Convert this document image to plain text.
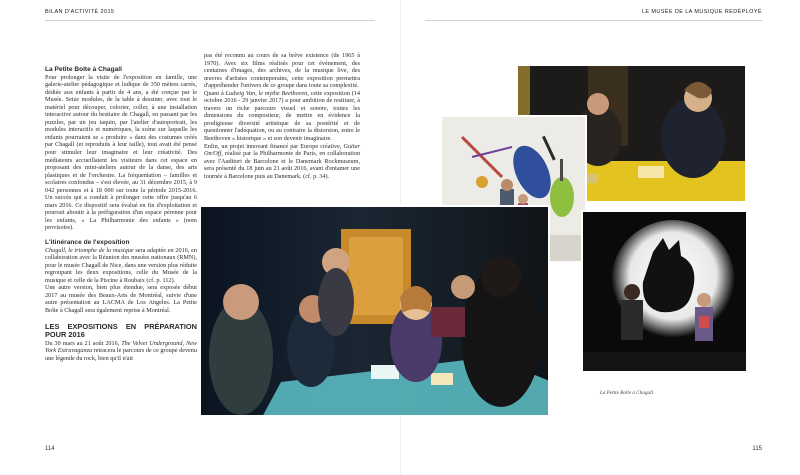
BILAN D'ACTIVITÉ 2015	LE MUSÉE DE LA MUSIQUE REDÉPLOYÉ

La Petite Boîte à Chagall

Pour prolonger la visite de l'exposition en famille, une galerie-atelier pédagogique et ludique de 350 mètres carrés, dédiée aux enfants à partir de 4 ans, a été conçue par le Musée. Seize modules, de la table à dessiner, avec tout le matériel pour découper, colorier, coller, à une installation interactive autour du bestiaire de Chagall, en passant par les puzzles, par un jeu taquin, par l'atelier d'autoportrait, les modules interactifs et numériques, la scène sur laquelle les enfants pourraient se « produire » dans des costumes créés par Chagall (et reproduits à leur taille), tout avait été pensé pour stimuler leur imaginaire et leur créativité. Des médiateurs accueillaient les visiteurs dans cet espace en proposant des mini-ateliers autour de la danse, des arts plastiques et de l'orchestre. La fréquentation – familles et scolaires confondus – s'est élevée, au 31 décembre 2015, à 9 042 personnes et à 18 000 sur toute la période 2015-2016. Un succès qui a conduit à prolonger cette offre jusqu'au 6 mars 2016. Ce dispositif sera évalué en fin d'exploitation et pourrait aboutir à la préfiguration d'un espace pérenne pour les enfants, « La Philharmonie des enfants » (nom provisoire).

L'itinérance de l'exposition

Chagall, le triomphe de la musique sera adaptée en 2016, en collaboration avec la Réunion des musées nationaux (RMN), pour le musée Chagall de Nice, dans une version plus réduite regroupant les deux expositions, celle du Musée de la musique et celle de la Piscine à Roubaix (cf. p. 112).

Une autre version, bien plus étendue, sera exposée début 2017 au musée des Beaux-Arts de Montréal, suivie d'une autre présentation au LACMA de Los Angeles. La Petite Boîte à Chagall sera également reprise à Montréal.

LES EXPOSITIONS EN PRÉPARATION POUR 2016

Du 30 mars au 21 août 2016, The Velvet Underground, New York Extravaganza retracera le parcours de ce groupe devenu une légende du rock, bien qu'il n'ait

pas été reconnu au cours de sa brève existence (de 1965 à 1970). Avec six films réalisés pour cet événement, des centaines d'images, des archives, de la musique live, des œuvres d'artistes contemporains, cette exposition permettra d'appréhender l'univers de ce groupe dans toute sa complexité.

Quant à Ludwig Van, le mythe Beethoven, cette exposition (14 octobre 2016 - 29 janvier 2017) a pour ambition de restituer, à travers un riche parcours visuel et sonore, toutes les dimensions du compositeur, de mettre en évidence la prodigieuse diversité artistique de sa postérité et de questionner l'adéquation, ou au contraire la distorsion, entre le Beethoven « historique » et son devenir imaginaire.

Enfin, un projet innovant financé par Europe créative, Guitar On/Off, réalisé par la Philharmonie de Paris, en collaboration avec l'Auditori de Barcelone et le Danemark Rockmuseum, sera présenté du 18 juin au 21 août 2016, avant d'entamer une tournée à Barcelone puis au Danemark. (cf. p. 34).

La Petite Boîte à Chagall.
114	115
